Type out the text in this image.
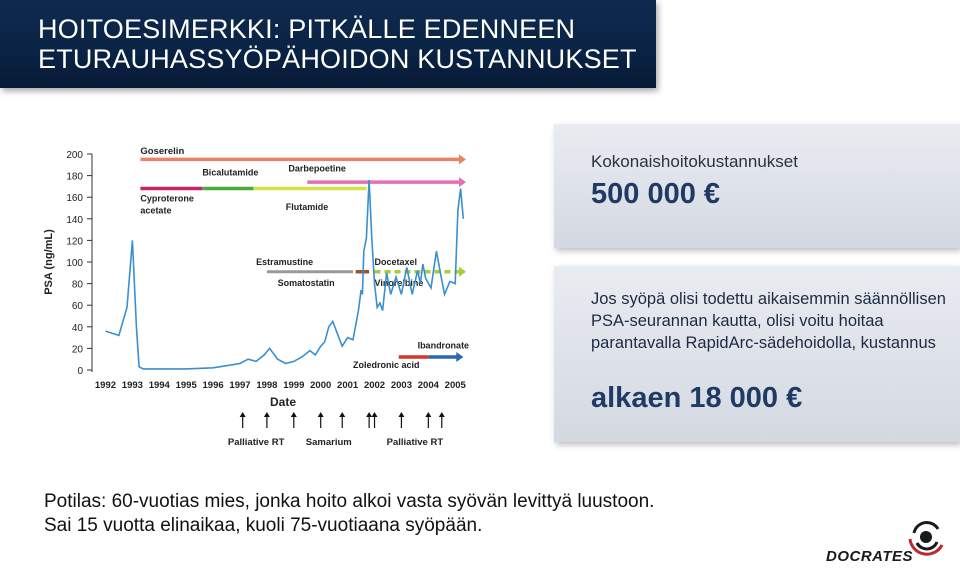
HOITOESIMERKKI: PITKÄLLE EDENNEEN
ETURAUHASSYÖPÄHOIDON KUSTANNUKSET
0
20
40
60
80
100
120
140
160
180
200
1992 1993 1994 1995 1996 1997 1998 1999 2000 2001 2002 2003 2004 2005
PSA (ng/mL)
Date
Goserelin
Cyproterone
acetate
Bicalutamide	Darbepoetine
Flutamide
Estramustine	Docetaxel
Somatostatin	Vinorelbine
Zoledronic acid
Ibandronate
Palliative RT Samarium	Palliative RT
Kokonaishoitokustannukset
500 000 €
Jos syöpä olisi todettu aikaisemmin säännöllisen PSA-seurannan kautta, olisi voitu hoitaa parantavalla RapidArc-sädehoidolla, kustannus
alkaen 18 000 €
Potilas: 60-vuotias mies, jonka hoito alkoi vasta syövän levittyä luustoon.
Sai 15 vuotta elinaikaa, kuoli 75-vuotiaana syöpään.
DOCRATES
